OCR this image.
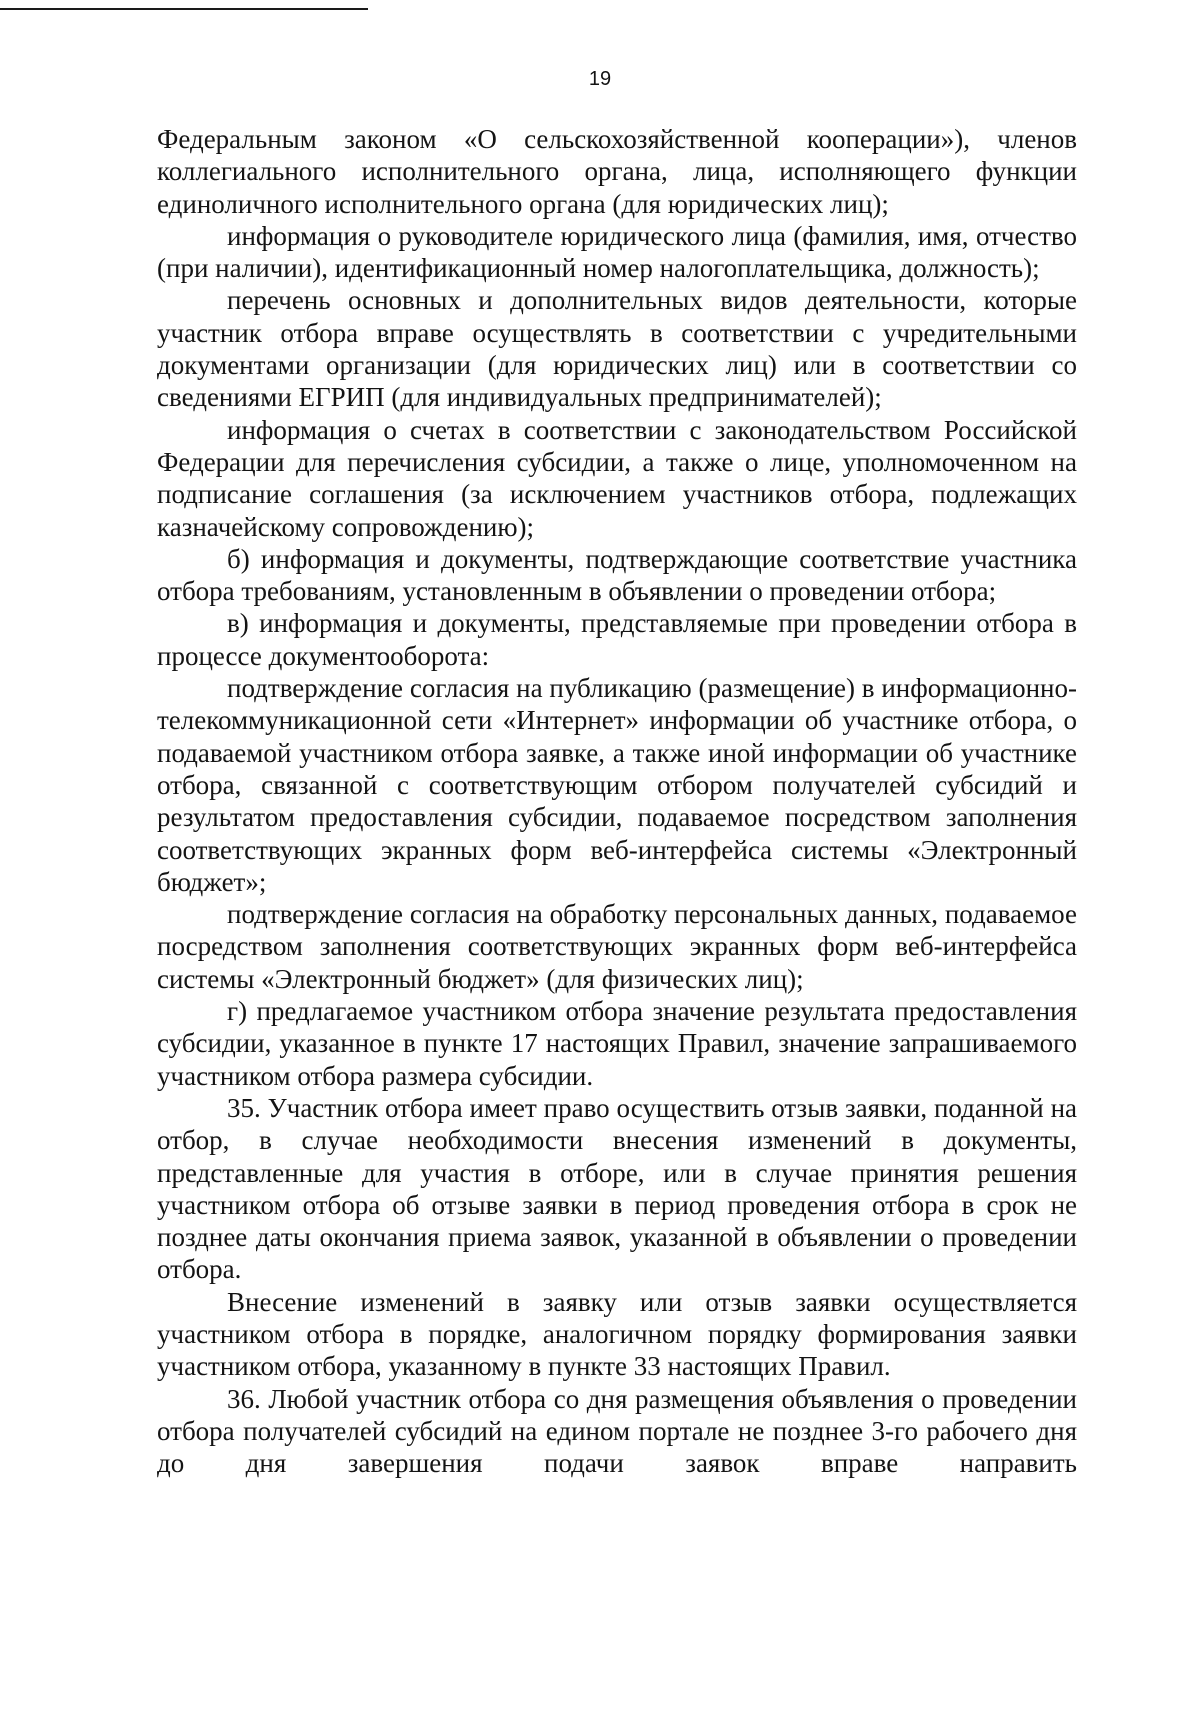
19

Федеральным законом «О сельскохозяйственной кооперации»), членов коллегиального исполнительного органа, лица, исполняющего функции единоличного исполнительного органа (для юридических лиц);

информация о руководителе юридического лица (фамилия, имя, отчество (при наличии), идентификационный номер налогоплательщика, должность);

перечень основных и дополнительных видов деятельности, которые участник отбора вправе осуществлять в соответствии с учредительными документами организации (для юридических лиц) или в соответствии со сведениями ЕГРИП (для индивидуальных предпринимателей);

информация о счетах в соответствии с законодательством Российской Федерации для перечисления субсидии, а также о лице, уполномоченном на подписание соглашения (за исключением участников отбора, подлежащих казначейскому сопровождению);

б) информация и документы, подтверждающие соответствие участника отбора требованиям, установленным в объявлении о проведении отбора;

в) информация и документы, представляемые при проведении отбора в процессе документооборота:

подтверждение согласия на публикацию (размещение) в информационно-телекоммуникационной сети «Интернет» информации об участнике отбора, о подаваемой участником отбора заявке, а также иной информации об участнике отбора, связанной с соответствующим отбором получателей субсидий и результатом предоставления субсидии, подаваемое посредством заполнения соответствующих экранных форм веб-интерфейса системы «Электронный бюджет»;

подтверждение согласия на обработку персональных данных, подаваемое посредством заполнения соответствующих экранных форм веб-интерфейса системы «Электронный бюджет» (для физических лиц);

г) предлагаемое участником отбора значение результата предоставления субсидии, указанное в пункте 17 настоящих Правил, значение запрашиваемого участником отбора размера субсидии.

35. Участник отбора имеет право осуществить отзыв заявки, поданной на отбор, в случае необходимости внесения изменений в документы, представленные для участия в отборе, или в случае принятия решения участником отбора об отзыве заявки в период проведения отбора в срок не позднее даты окончания приема заявок, указанной в объявлении о проведении отбора.

Внесение изменений в заявку или отзыв заявки осуществляется участником отбора в порядке, аналогичном порядку формирования заявки участником отбора, указанному в пункте 33 настоящих Правил.

36. Любой участник отбора со дня размещения объявления о проведении отбора получателей субсидий на едином портале не позднее 3-го рабочего дня до дня завершения подачи заявок вправе направить
